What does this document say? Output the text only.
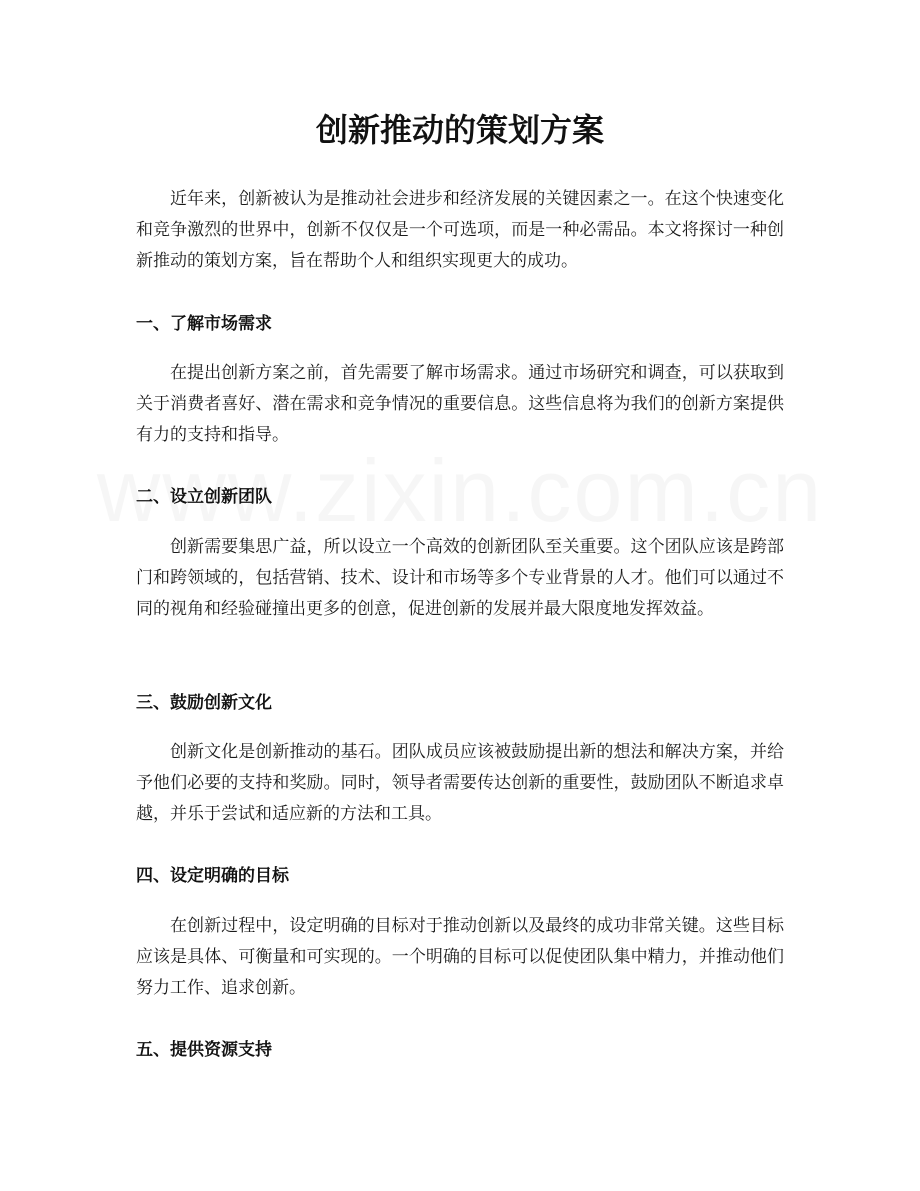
创新推动的策划方案

近年来，创新被认为是推动社会进步和经济发展的关键因素之一。在这个快速变化和竞争激烈的世界中，创新不仅仅是一个可选项，而是一种必需品。本文将探讨一种创新推动的策划方案，旨在帮助个人和组织实现更大的成功。

一、了解市场需求

在提出创新方案之前，首先需要了解市场需求。通过市场研究和调查，可以获取到关于消费者喜好、潜在需求和竞争情况的重要信息。这些信息将为我们的创新方案提供有力的支持和指导。

二、设立创新团队

创新需要集思广益，所以设立一个高效的创新团队至关重要。这个团队应该是跨部门和跨领域的，包括营销、技术、设计和市场等多个专业背景的人才。他们可以通过不同的视角和经验碰撞出更多的创意，促进创新的发展并最大限度地发挥效益。

三、鼓励创新文化

创新文化是创新推动的基石。团队成员应该被鼓励提出新的想法和解决方案，并给予他们必要的支持和奖励。同时，领导者需要传达创新的重要性，鼓励团队不断追求卓越，并乐于尝试和适应新的方法和工具。

四、设定明确的目标

在创新过程中，设定明确的目标对于推动创新以及最终的成功非常关键。这些目标应该是具体、可衡量和可实现的。一个明确的目标可以促使团队集中精力，并推动他们努力工作、追求创新。

五、提供资源支持
